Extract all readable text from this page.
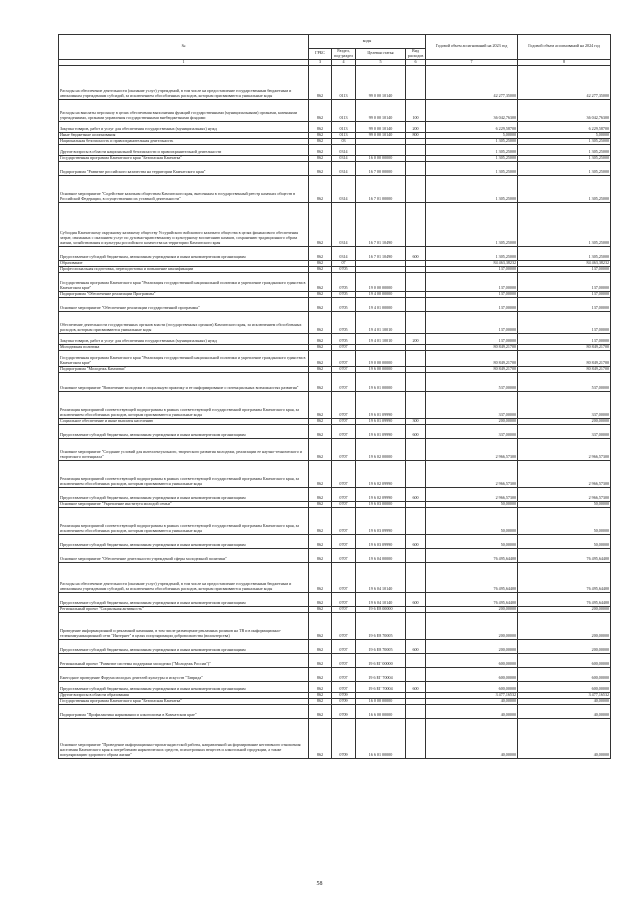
№	коды				Годовой объем ассигнований на 2023 год	Годовой объем ассигнований на 2024 год
	ГРБС	Раздел, под-раздел	Целевая статья	Вид расходов		
1	3	4	5	6	7	8
Расходы на обеспечение деятельности (оказание услуг) учреждений, в том числе на предоставление государственным бюджетным и автономным учреждениям субсидий, за исключением обособленных расходов, которым присваиваются уникальные коды	862	0113	99 0 00 10140		42 277,35000	42 277,35000
Расходы на выплаты персоналу в целях обеспечения выполнения функций государственными (муниципальными) органами, казенными учреждениями, органами управления государственными внебюджетными фондами	862	0113	99 0 00 10140	100	36 042,76300	36 042,76300
Закупка товаров, работ и услуг для обеспечения государственных (муниципальных) нужд	862	0113	99 0 00 10140	200	6 229,58700	6 229,58700
Иные бюджетные ассигнования	862	0113	99 0 00 10140	800	5,00000	5,00000
Национальная безопасность и правоохранительная деятельность	862	03			1 305,25000	1 305,25000
Другие вопросы в области национальной безопасности и правоохранительной деятельности	862	0314			1 305,25000	1 305,25000
Государственная программа Камчатского края "Безопасная Камчатка"	862	0314	16 0 00 00000		1 305,25000	1 305,25000
Подпрограмма "Развитие российского казачества на территории Камчатского края"	862	0314	16 7 00 00000		1 305,25000	1 305,25000
Основное мероприятие "Содействие казачьим обществам Камчатского края, внесенным в государственный реестр казачьих обществ в Российской Федерации, в осуществлении их уставной деятельности"	862	0314	16 7 01 00000		1 305,25000	1 305,25000
Субсидия Камчатскому окружному казачьему обществу Уссурийского войскового казачьего общества в целях финансового обеспечения затрат, связанных с оказанием услуг по духовно-нравственному и культурному воспитанию казаков, сохранению традиционного образа жизни, хозяйствования и культуры российского казачества на территории Камчатского края	862	0314	16 7 01 10490		1 305,25000	1 305,25000
Предоставление субсидий бюджетным, автономным учреждениям и иным некоммерческим организациям	862	0314	16 7 01 10490	600	1 305,25000	1 305,25000
Образование	862	07			84 463,38232	84 463,38232
Профессиональная подготовка, переподготовка и повышение квалификации	862	0705			137,00000	137,00000
Государственная программа Камчатского края "Реализация государственной национальной политики и укрепление гражданского единства в Камчатском крае"	862	0705	19 0 00 00000		137,00000	137,00000
Подпрограмма "Обеспечение реализации Программы"	862	0705	19 4 00 00000		137,00000	137,00000
Основное мероприятие "Обеспечение реализации государственной программы"	862	0705	19 4 01 00000		137,00000	137,00000
Обеспечение деятельности государственных органов власти (государственных органов) Камчатского края, за исключением обособленных расходов, которым присваиваются уникальные коды	862	0705	19 4 01 10010		137,00000	137,00000
Закупка товаров, работ и услуг для обеспечения государственных (муниципальных) нужд	862	0705	19 4 01 10010	200	137,00000	137,00000
Молодежная политика	862	0707			80 849,21700	80 849,21700
Государственная программа Камчатского края "Реализация государственной национальной политики и укрепление гражданского единства в Камчатском крае"	862	0707	19 0 00 00000		80 849,21700	80 849,21700
Подпрограмма "Молодежь Камчатки"	862	0707	19 6 00 00000		80 849,21700	80 849,21700
Основное мероприятие "Вовлечение молодежи в социальную практику и ее информирование о потенциальных возможностях развития"	862	0707	19 6 01 00000		537,00000	537,00000
Реализация мероприятий соответствующей подпрограммы в рамках соответствующей государственной программы Камчатского края, за исключением обособленных расходов, которым присваиваются уникальные коды	862	0707	19 6 01 09990		337,00000	337,00000
Социальное обеспечение и иные выплаты населению	862	0707	19 6 01 09990	300	200,00000	200,00000
Предоставление субсидий бюджетным, автономным учреждениям и иным некоммерческим организациям	862	0707	19 6 01 09990	600	337,00000	337,00000
Основное мероприятие "Создание условий для интеллектуального, творческого развития молодежи, реализации ее научно-технического и творческого потенциала"	862	0707	19 6 02 00000		2 966,57300	2 966,57300
Реализация мероприятий соответствующей подпрограммы в рамках соответствующей государственной программы Камчатского края, за исключением обособленных расходов, которым присваиваются уникальные коды	862	0707	19 6 02 09990		2 966,57300	2 966,57300
Предоставление субсидий бюджетным, автономным учреждениям и иным некоммерческим организациям	862	0707	19 6 02 09990	600	2 966,57300	2 966,57300
Основное мероприятие "Укрепление института молодой семьи"	862	0707	19 6 03 00000		50,00000	50,00000
Реализация мероприятий соответствующей подпрограммы в рамках соответствующей государственной программы Камчатского края, за исключением обособленных расходов, которым присваиваются уникальные коды	862	0707	19 6 03 09990		50,00000	50,00000
Предоставление субсидий бюджетным, автономным учреждениям и иным некоммерческим организациям	862	0707	19 6 03 09990	600	50,00000	50,00000
Основное мероприятие "Обеспечение деятельности учреждений сферы молодежной политики"	862	0707	19 6 04 00000		76 495,64400	76 495,64400
Расходы на обеспечение деятельности (оказание услуг) учреждений, в том числе на предоставление государственным бюджетным и автономным учреждениям субсидий, за исключением обособленных расходов, которым присваиваются уникальные коды	862	0707	19 6 04 10140		76 495,64400	76 495,64400
Предоставление субсидий бюджетным, автономным учреждениям и иным некоммерческим организациям	862	0707	19 6 04 10140	600	76 495,64400	76 495,64400
Региональный проект "Социальная активность"	862	0707	19 6 E8 00000		200,00000	200,00000
Проведение информационной и рекламной кампании, в том числе размещение рекламных роликов на ТВ и в информационно-телекоммуникационной сети "Интернет" в целях популяризации добровольчества (волонтерства)	862	0707	19 6 E8 70005		200,00000	200,00000
Предоставление субсидий бюджетным, автономным учреждениям и иным некоммерческим организациям	862	0707	19 6 E8 70005	600	200,00000	200,00000
Региональный проект "Развитие системы поддержки молодежи ("Молодежь России")"	862	0707	19 6 EГ 00000		600,00000	600,00000
Ежегодное проведение Форума молодых деятелей культуры и искусств "Таврида"	862	0707	19 6 EГ 70004		600,00000	600,00000
Предоставление субсидий бюджетным, автономным учреждениям и иным некоммерческим организациям	862	0707	19 6 EГ 70004	600	600,00000	600,00000
Другие вопросы в области образования	862	0709			3 477,16532	3 477,16532
Государственная программа Камчатского края "Безопасная Камчатка"	862	0709	16 0 00 00000		40,00000	40,00000
Подпрограмма "Профилактика наркомании и алкоголизма в Камчатском крае"	862	0709	16 6 00 00000		40,00000	40,00000
Основное мероприятие "Проведение информационно-пропагандистской работы, направленной на формирование негативного отношения населения Камчатского края к потреблению наркотических средств, психотропных веществ и алкогольной продукции, а также популяризацию здорового образа жизни"	862	0709	16 6 01 00000		40,00000	40,00000
58
